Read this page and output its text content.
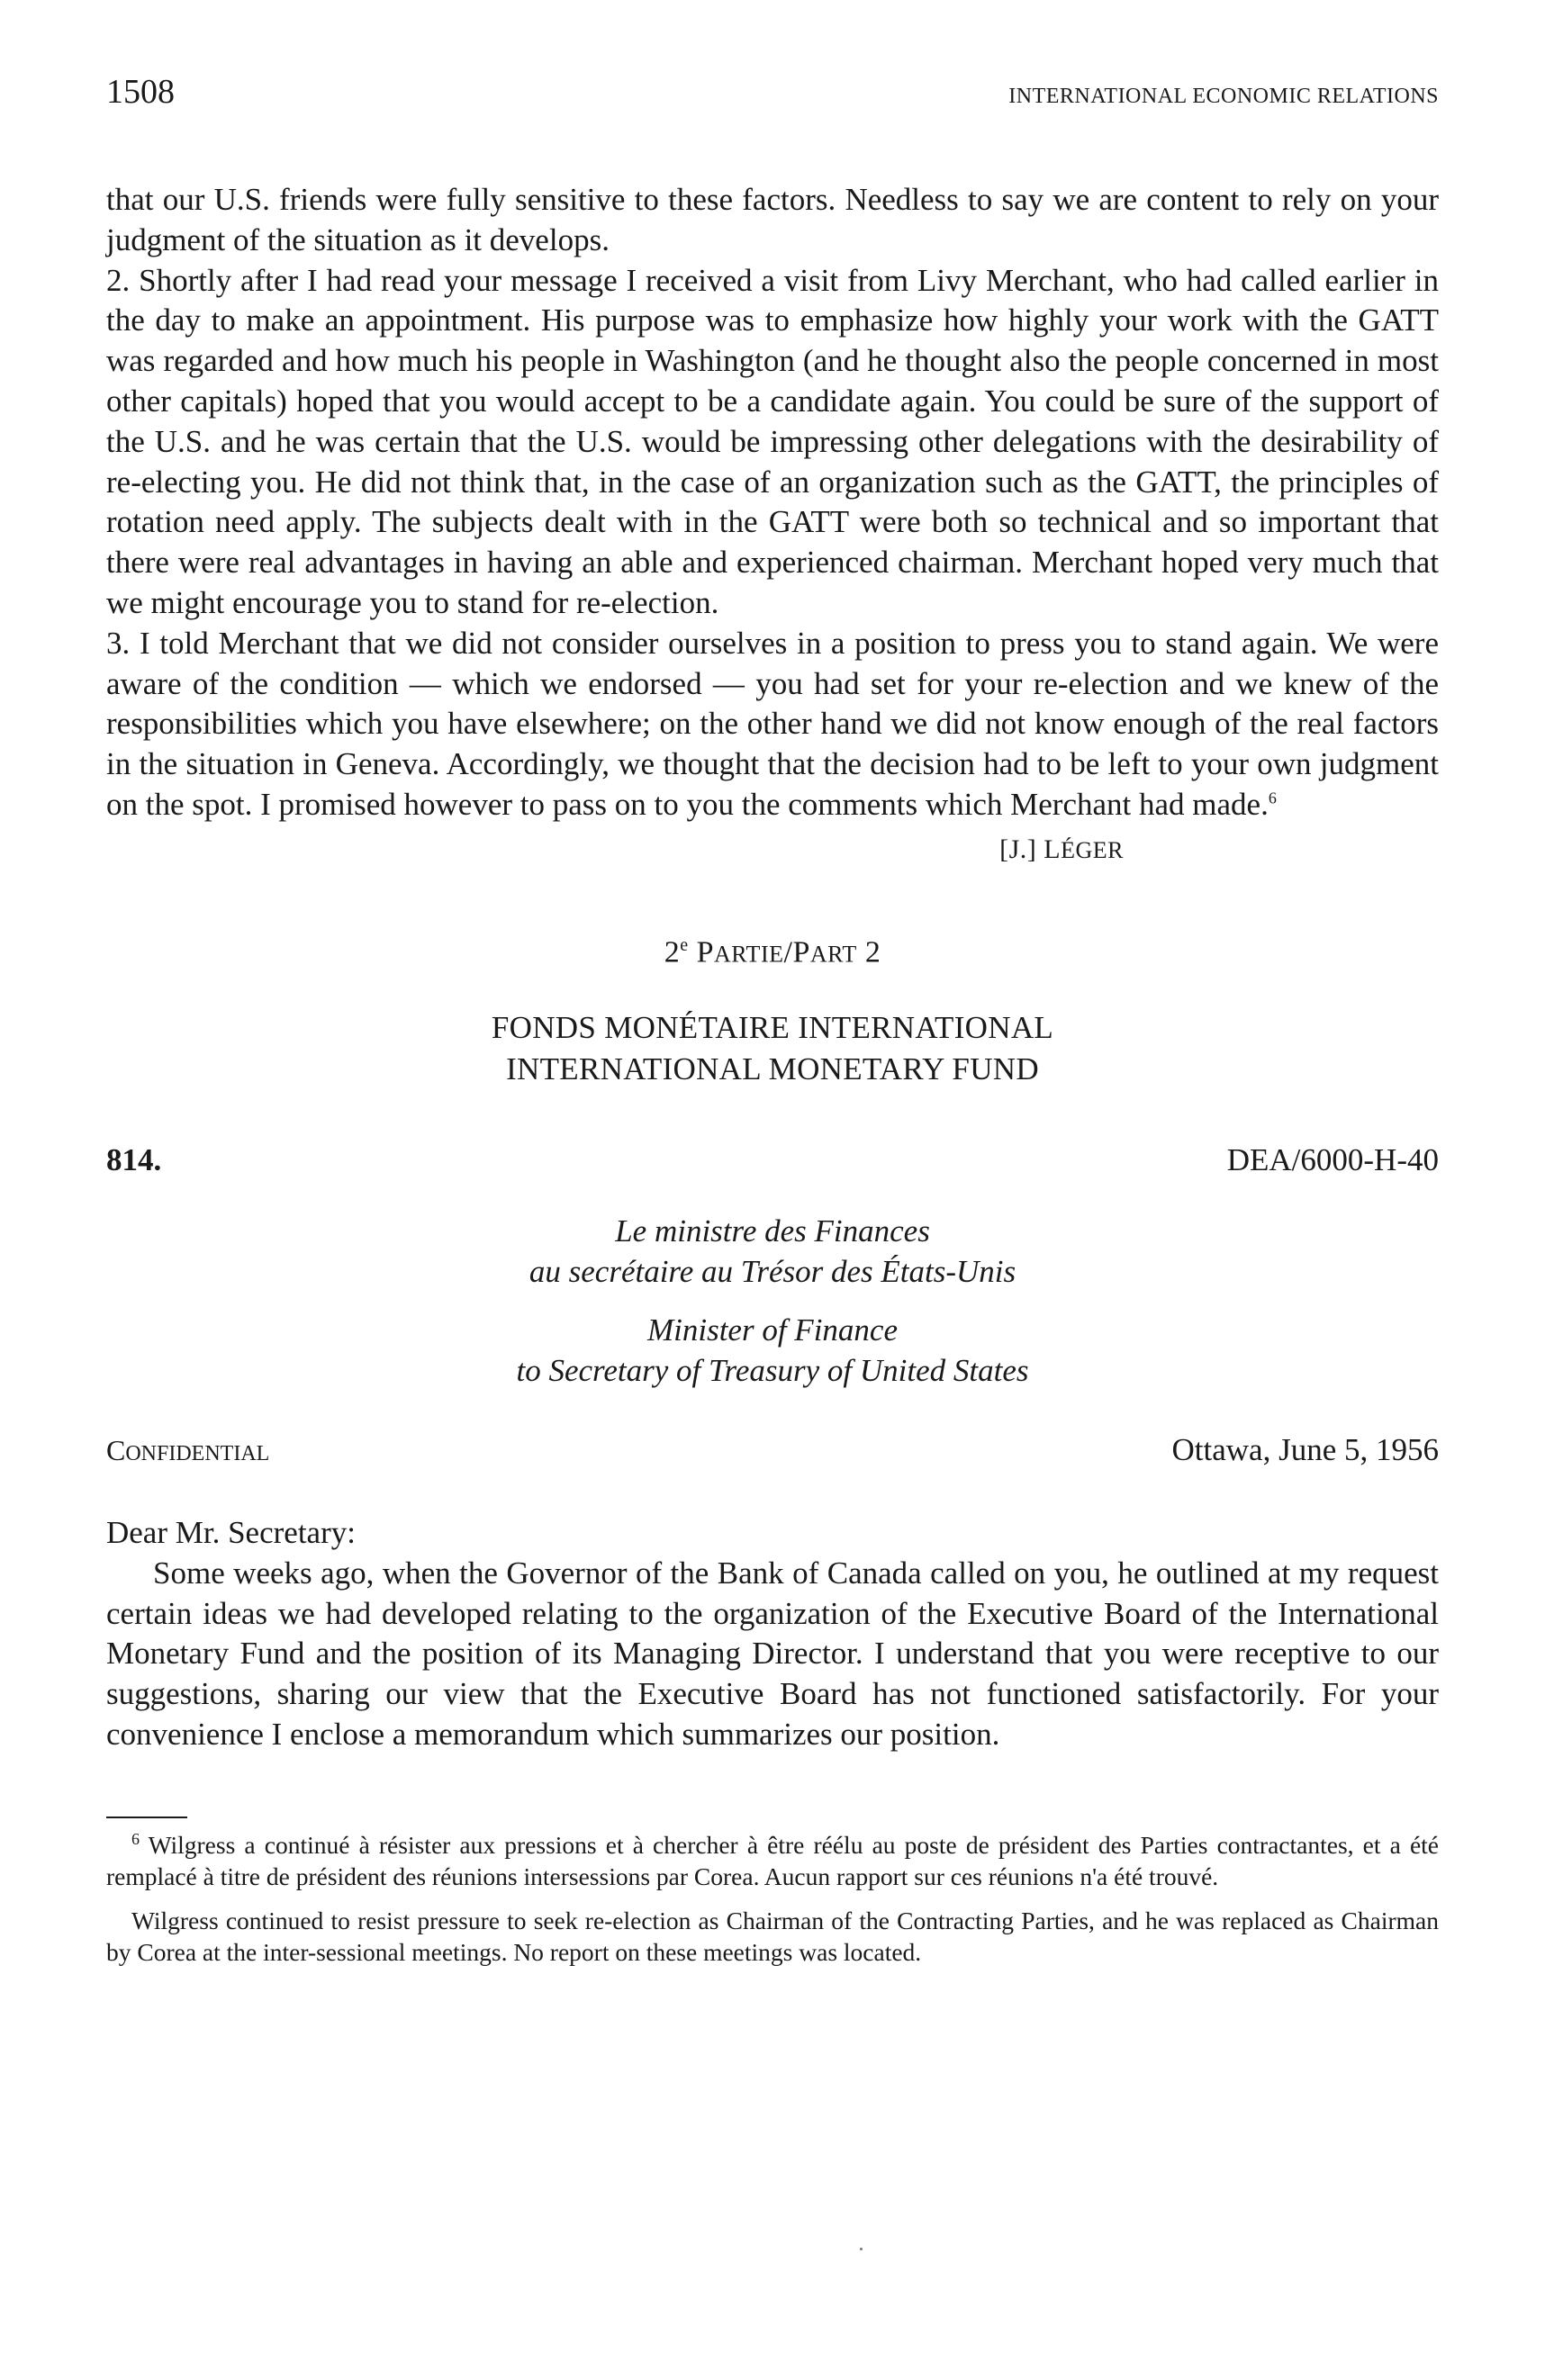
1508	INTERNATIONAL ECONOMIC RELATIONS

that our U.S. friends were fully sensitive to these factors. Needless to say we are content to rely on your judgment of the situation as it develops.

2. Shortly after I had read your message I received a visit from Livy Merchant, who had called earlier in the day to make an appointment. His purpose was to emphasize how highly your work with the GATT was regarded and how much his people in Washington (and he thought also the people concerned in most other capitals) hoped that you would accept to be a candidate again. You could be sure of the support of the U.S. and he was certain that the U.S. would be impressing other delegations with the desirability of re-electing you. He did not think that, in the case of an organization such as the GATT, the principles of rotation need apply. The subjects dealt with in the GATT were both so technical and so important that there were real advantages in having an able and experienced chairman. Merchant hoped very much that we might encourage you to stand for re-election.

3. I told Merchant that we did not consider ourselves in a position to press you to stand again. We were aware of the condition — which we endorsed — you had set for your re-election and we knew of the responsibilities which you have elsewhere; on the other hand we did not know enough of the real factors in the situation in Geneva. Accordingly, we thought that the decision had to be left to your own judgment on the spot. I promised however to pass on to you the comments which Merchant had made.$^6$

[J.] LÉGER
2e PARTIE/PART 2
FONDS MONÉTAIRE INTERNATIONAL
INTERNATIONAL MONETARY FUND
814.	DEA/6000-H-40
Le ministre des Finances
au secrétaire au Trésor des États-Unis
Minister of Finance
to Secretary of Treasury of United States
CONFIDENTIAL	Ottawa, June 5, 1956

Dear Mr. Secretary:

Some weeks ago, when the Governor of the Bank of Canada called on you, he outlined at my request certain ideas we had developed relating to the organization of the Executive Board of the International Monetary Fund and the position of its Managing Director. I understand that you were receptive to our suggestions, sharing our view that the Executive Board has not functioned satisfactorily. For your convenience I enclose a memorandum which summarizes our position.

$^6$ Wilgress a continué à résister aux pressions et à chercher à être réélu au poste de président des Parties contractantes, et a été remplacé à titre de président des réunions intersessions par Corea. Aucun rapport sur ces réunions n'a été trouvé.

Wilgress continued to resist pressure to seek re-election as Chairman of the Contracting Parties, and he was replaced as Chairman by Corea at the inter-sessional meetings. No report on these meetings was located.
